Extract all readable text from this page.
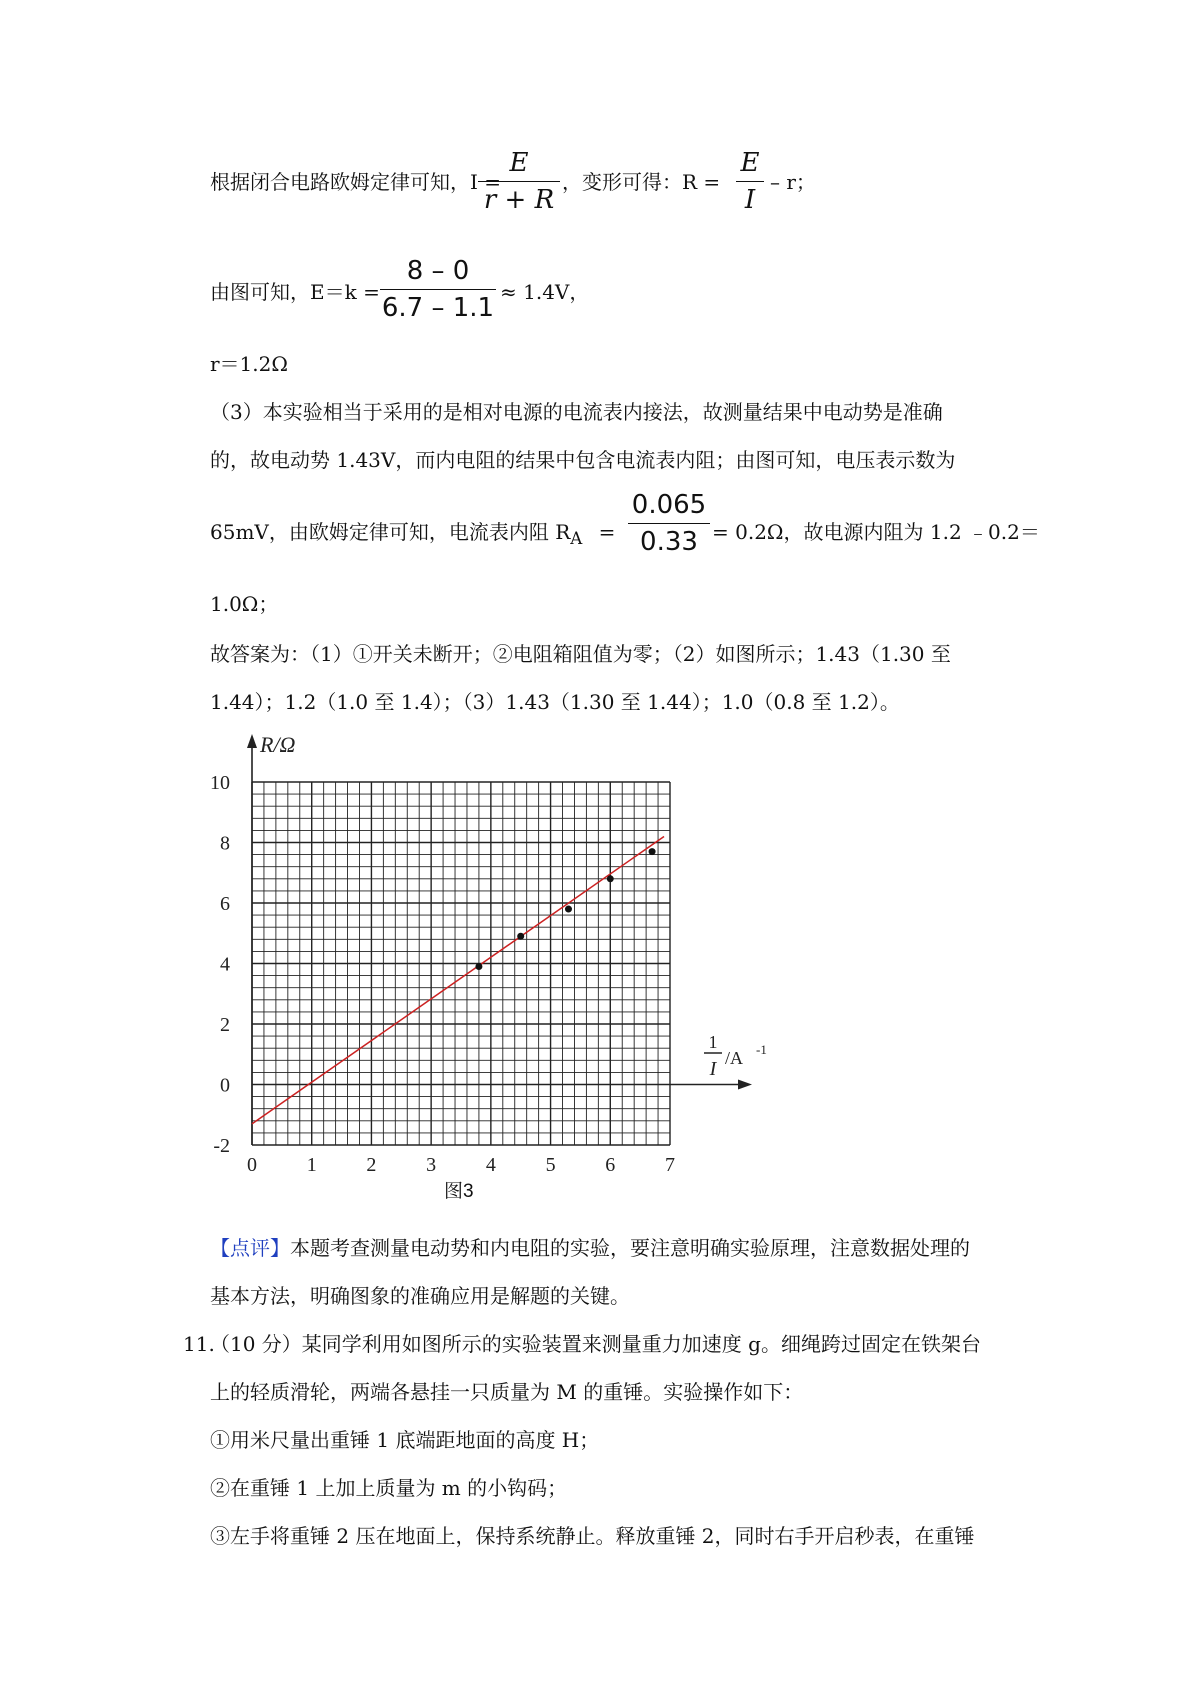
根据闭合电路欧姆定律可知，I =
E
r + R
，变形可得：R =
E
I
– r；
由图可知，E＝k =
8 – 0
6.7 – 1.1
≈ 1.4V，
r＝1.2Ω
（3）本实验相当于采用的是相对电源的电流表内接法，故测量结果中电动势是准确
的，故电动势 1.43V，而内电阻的结果中包含电流表内阻；由图可知，电压表示数为
65mV，由欧姆定律可知，电流表内阻 $R_A$ =
0.065
0.33 = 0.2Ω，故电源内阻为 1.2 ﹣0.2＝
1.0Ω；
故答案为：（1）①开关未断开；②电阻箱阻值为零；（2）如图所示；1.43（1.30 至
1.44）；1.2（1.0 至 1.4）；（3）1.43（1.30 至 1.44）；1.0（0.8 至 1.2）。
0 1 2 3 4 5 6 7
-2
0
2
4
6
8
10
R/Ω
1
I /A -1
图3
【点评】本题考查测量电动势和内电阻的实验，要注意明确实验原理，注意数据处理的
基本方法，明确图象的准确应用是解题的关键。
11.
（10 分）某同学利用如图所示的实验装置来测量重力加速度 g。细绳跨过固定在铁架台
上的轻质滑轮，两端各悬挂一只质量为 M 的重锤。实验操作如下：
①用米尺量出重锤 1 底端距地面的高度 H；
②在重锤 1 上加上质量为 m 的小钩码；
③左手将重锤 2 压在地面上，保持系统静止。释放重锤 2，同时右手开启秒表，在重锤
